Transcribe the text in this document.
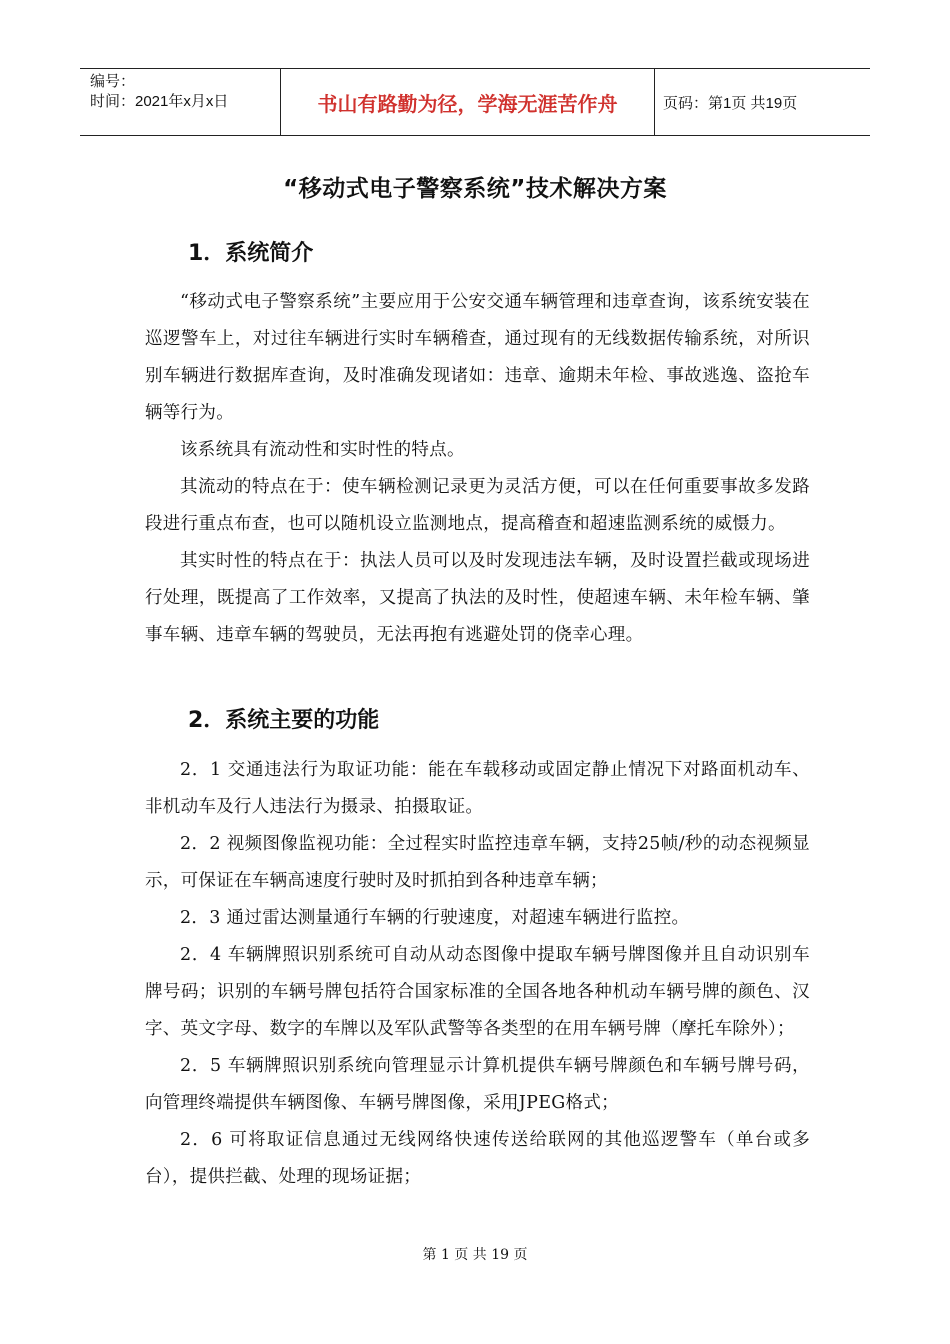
编号：
时间：2021年x月x日	书山有路勤为径，学海无涯苦作舟	页码：第1页 共19页
“移动式电子警察系统”技术解决方案
1．系统简介

“移动式电子警察系统”主要应用于公安交通车辆管理和违章查询，该系统安装在巡逻警车上，对过往车辆进行实时车辆稽查，通过现有的无线数据传输系统，对所识别车辆进行数据库查询，及时准确发现诸如：违章、逾期未年检、事故逃逸、盗抢车辆等行为。

该系统具有流动性和实时性的特点。

其流动的特点在于：使车辆检测记录更为灵活方便，可以在任何重要事故多发路段进行重点布查，也可以随机设立监测地点，提高稽查和超速监测系统的威慑力。

其实时性的特点在于：执法人员可以及时发现违法车辆，及时设置拦截或现场进行处理，既提高了工作效率，又提高了执法的及时性，使超速车辆、未年检车辆、肇事车辆、违章车辆的驾驶员，无法再抱有逃避处罚的侥幸心理。

2．系统主要的功能

2．1 交通违法行为取证功能：能在车载移动或固定静止情况下对路面机动车、非机动车及行人违法行为摄录、拍摄取证。

2．2 视频图像监视功能：全过程实时监控违章车辆，支持25帧/秒的动态视频显示，可保证在车辆高速度行驶时及时抓拍到各种违章车辆；

2．3 通过雷达测量通行车辆的行驶速度，对超速车辆进行监控。

2．4 车辆牌照识别系统可自动从动态图像中提取车辆号牌图像并且自动识别车牌号码；识别的车辆号牌包括符合国家标准的全国各地各种机动车辆号牌的颜色、汉字、英文字母、数字的车牌以及军队武警等各类型的在用车辆号牌（摩托车除外）；

2．5 车辆牌照识别系统向管理显示计算机提供车辆号牌颜色和车辆号牌号码，向管理终端提供车辆图像、车辆号牌图像，采用JPEG格式；

2．6 可将取证信息通过无线网络快速传送给联网的其他巡逻警车（单台或多台），提供拦截、处理的现场证据；

第 1 页 共 19 页
